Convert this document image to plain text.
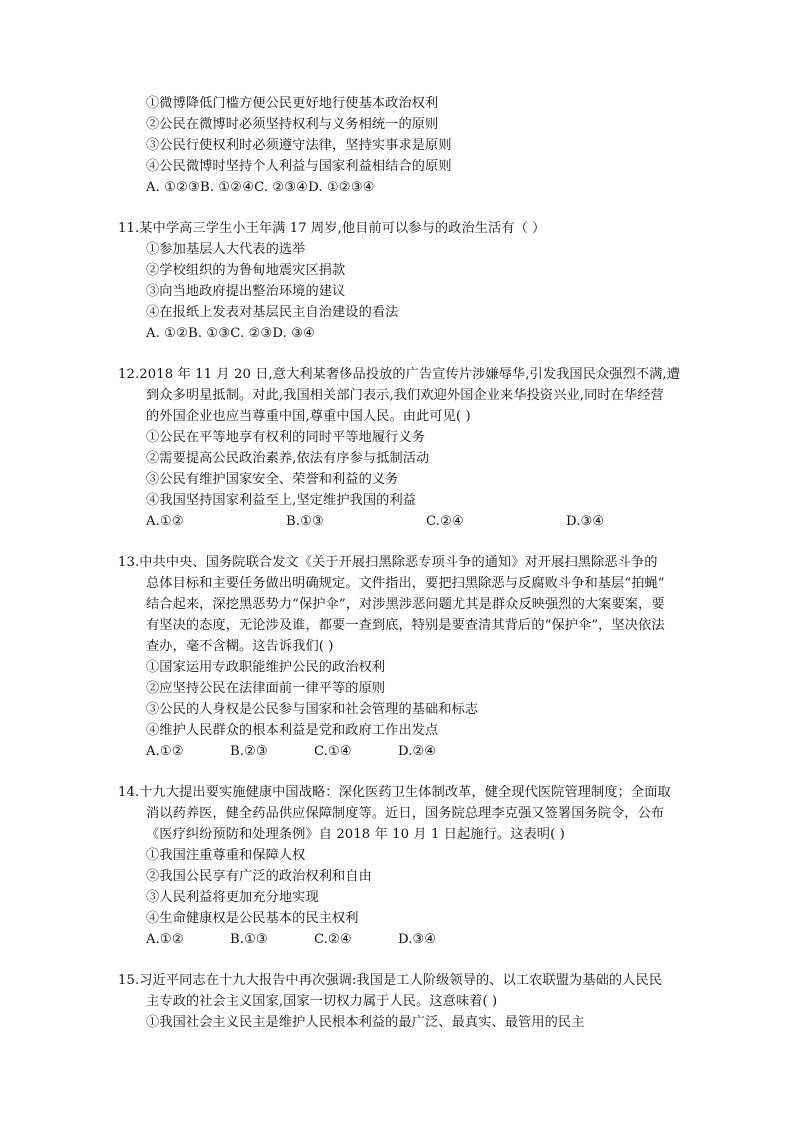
①微博降低门槛方便公民更好地行使基本政治权利
②公民在微博时必须坚持权利与义务相统一的原则
③公民行使权利时必须遵守法律，坚持实事求是原则
④公民微博时坚持个人利益与国家利益相结合的原则
A. ①②③B. ①②④C. ②③④D. ①②③④
11.某中学高三学生小王年满 17 周岁,他目前可以参与的政治生活有（ ）
①参加基层人大代表的选举
②学校组织的为鲁甸地震灾区捐款
③向当地政府提出整治环境的建议
④在报纸上发表对基层民主自治建设的看法
A. ①②B. ①③C. ②③D. ③④
12.2018 年 11 月 20 日,意大利某奢侈品投放的广告宣传片涉嫌辱华,引发我国民众强烈不满,遭
到众多明星抵制。对此,我国相关部门表示,我们欢迎外国企业来华投资兴业,同时在华经营
的外国企业也应当尊重中国,尊重中国人民。由此可见( )
①公民在平等地享有权利的同时平等地履行义务
②需要提高公民政治素养,依法有序参与抵制活动
③公民有维护国家安全、荣誉和利益的义务
④我国坚持国家利益至上,坚定维护我国的利益
A.①②	B.①③	C.②④	D.③④
13.中共中央、国务院联合发文《关于开展扫黑除恶专项斗争的通知》对开展扫黑除恶斗争的
总体目标和主要任务做出明确规定。文件指出，要把扫黑除恶与反腐败斗争和基层“拍蝇”
结合起来，深挖黑恶势力“保护伞”，对涉黑涉恶问题尤其是群众反映强烈的大案要案，要
有坚决的态度，无论涉及谁，都要一查到底，特别是要查清其背后的“保护伞”，坚决依法
查办，毫不含糊。这告诉我们( )
①国家运用专政职能维护公民的政治权利
②应坚持公民在法律面前一律平等的原则
③公民的人身权是公民参与国家和社会管理的基础和标志
④维护人民群众的根本利益是党和政府工作出发点
A.①②	B.②③	C.①④	D.②④
14.十九大提出要实施健康中国战略：深化医药卫生体制改革，健全现代医院管理制度；全面取
消以药养医，健全药品供应保障制度等。近日，国务院总理李克强又签署国务院令，公布
《医疗纠纷预防和处理条例》自 2018 年 10 月 1 日起施行。这表明( )
①我国注重尊重和保障人权
②我国公民享有广泛的政治权利和自由
③人民利益将更加充分地实现
④生命健康权是公民基本的民主权利
A.①②	B.①③	C.②④	D.③④
15.习近平同志在十九大报告中再次强调:我国是工人阶级领导的、以工农联盟为基础的人民民
主专政的社会主义国家,国家一切权力属于人民。这意味着( )
①我国社会主义民主是维护人民根本利益的最广泛、最真实、最管用的民主
